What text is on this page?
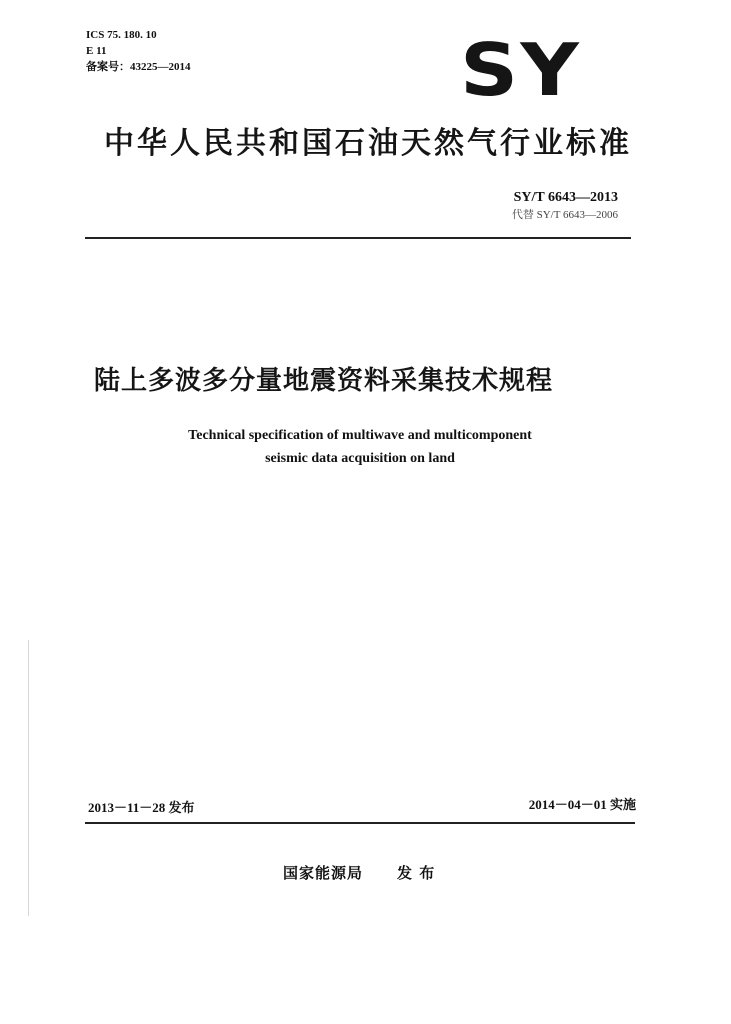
ICS 75. 180. 10
E 11
备案号：43225—2014	SY
中华人民共和国石油天然气行业标准
SY/T 6643—2013
代替 SY/T 6643—2006
陆上多波多分量地震资料采集技术规程
Technical specification of multiwave and multicomponent
seismic data acquisition on land
2013－11－28 发布	2014－04－01 实施
国家能源局 发 布
